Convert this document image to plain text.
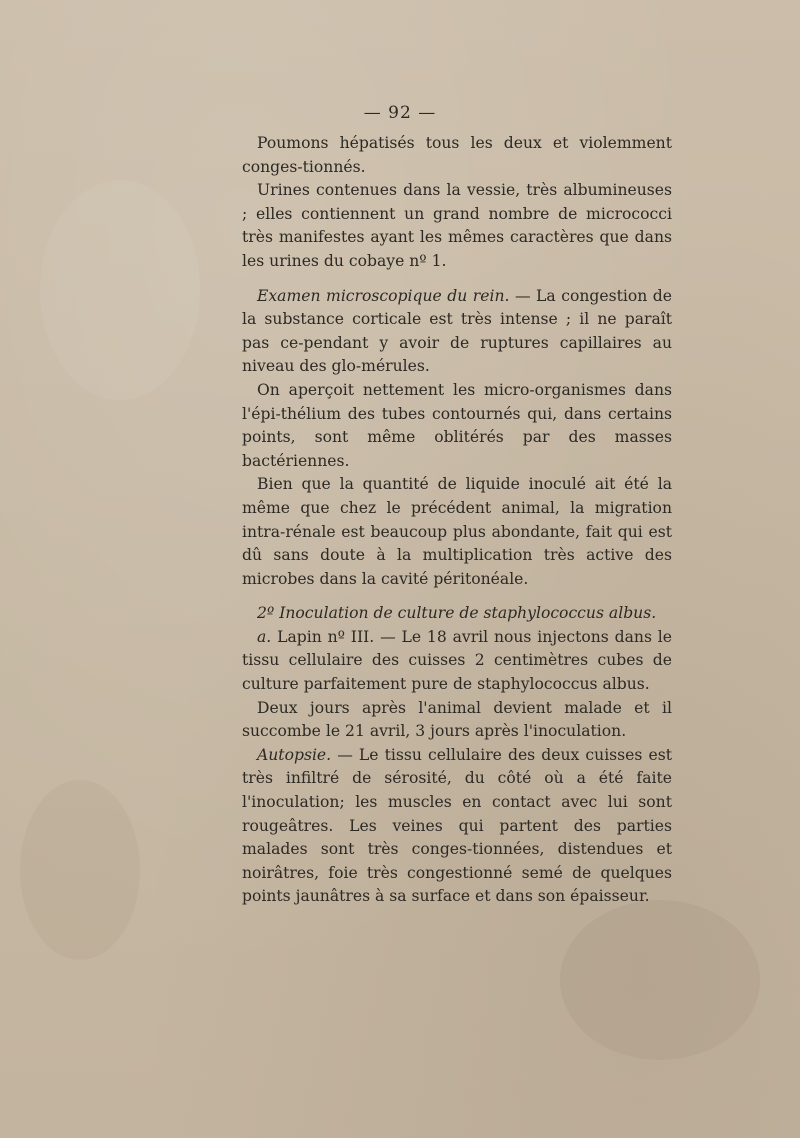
— 92 —

Poumons hépatisés tous les deux et violemment conges-tionnés.

Urines contenues dans la vessie, très albumineuses ; elles contiennent un grand nombre de micrococci très manifestes ayant les mêmes caractères que dans les urines du cobaye nº 1.

Examen microscopique du rein. — La congestion de la substance corticale est très intense ; il ne paraît pas ce-pendant y avoir de ruptures capillaires au niveau des glo-mérules.

On aperçoit nettement les micro-organismes dans l'épi-thélium des tubes contournés qui, dans certains points, sont même oblitérés par des masses bactériennes.

Bien que la quantité de liquide inoculé ait été la même que chez le précédent animal, la migration intra-rénale est beaucoup plus abondante, fait qui est dû sans doute à la multiplication très active des microbes dans la cavité péritonéale.

2º Inoculation de culture de staphylococcus albus.

a. Lapin nº III. — Le 18 avril nous injectons dans le tissu cellulaire des cuisses 2 centimètres cubes de culture parfaitement pure de staphylococcus albus.

Deux jours après l'animal devient malade et il succombe le 21 avril, 3 jours après l'inoculation.

Autopsie. — Le tissu cellulaire des deux cuisses est très infiltré de sérosité, du côté où a été faite l'inoculation; les muscles en contact avec lui sont rougeâtres. Les veines qui partent des parties malades sont très conges-tionnées, distendues et noirâtres, foie très congestionné semé de quelques points jaunâtres à sa surface et dans son épaisseur.
